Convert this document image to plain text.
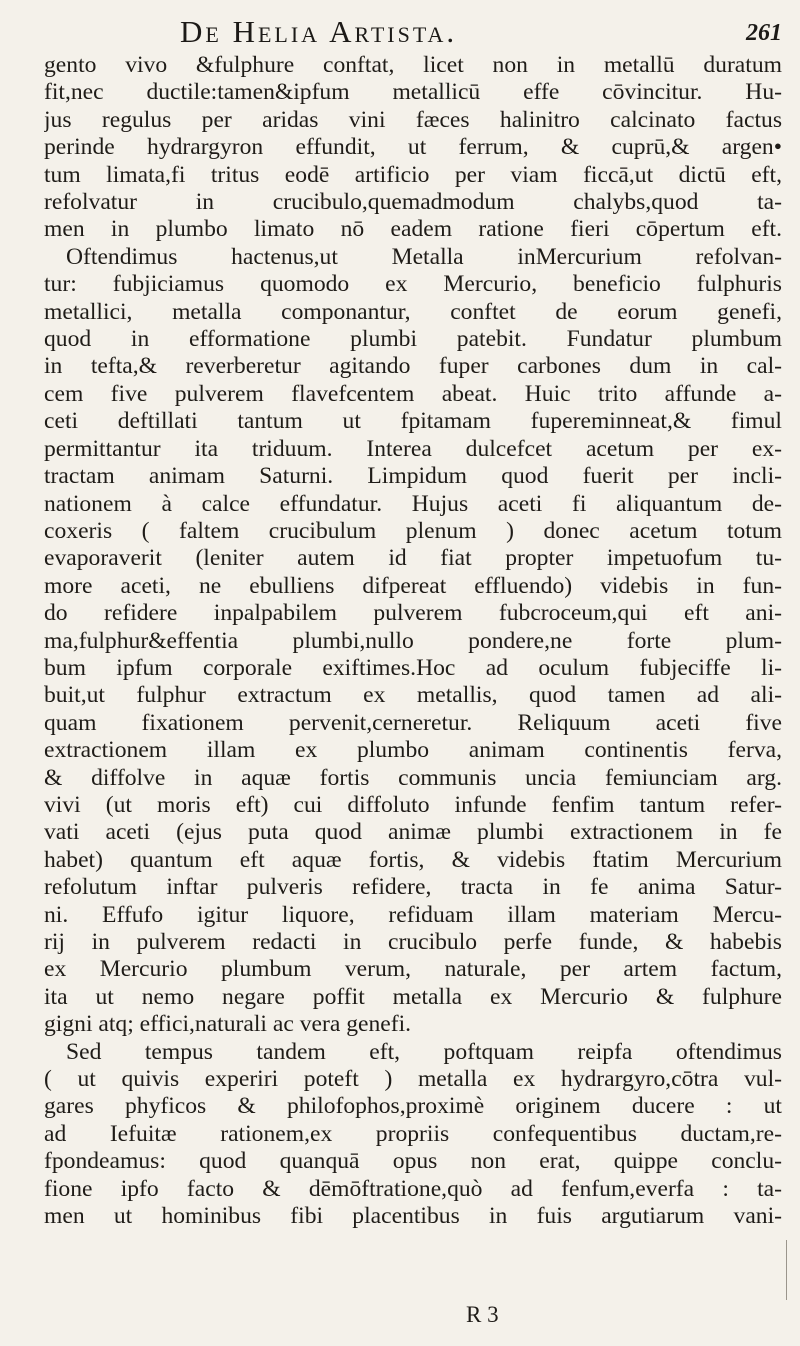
De Helia Artista.	261
gento vivo &fulphure conftat, licet non in metallū duratum
fit,nec ductile:tamen&ipfum metallicū effe cōvincitur. Hu-
jus regulus per aridas vini fæces halinitro calcinato factus
perinde hydrargyron effundit, ut ferrum, & cuprū,& argen•
tum limata,fi tritus eodē artificio per viam ficcā,ut dictū eft,
refolvatur in crucibulo,quemadmodum chalybs,quod ta-
men in plumbo limato nō eadem ratione fieri cōpertum eft.
Oftendimus hactenus,ut Metalla inMercurium refolvan-
tur: fubjiciamus quomodo ex Mercurio, beneficio fulphuris
metallici, metalla componantur, conftet de eorum genefi,
quod in efformatione plumbi patebit. Fundatur plumbum
in tefta,& reverberetur agitando fuper carbones dum in cal-
cem five pulverem flavefcentem abeat. Huic trito affunde a-
ceti deftillati tantum ut fpitamam fupereminneat,& fimul
permittantur ita triduum. Interea dulcefcet acetum per ex-
tractam animam Saturni. Limpidum quod fuerit per incli-
nationem à calce effundatur. Hujus aceti fi aliquantum de-
coxeris ( faltem crucibulum plenum ) donec acetum totum
evaporaverit (leniter autem id fiat propter impetuofum tu-
more aceti, ne ebulliens difpereat effluendo) videbis in fun-
do refidere inpalpabilem pulverem fubcroceum,qui eft ani-
ma,fulphur&effentia plumbi,nullo pondere,ne forte plum-
bum ipfum corporale exiftimes.Hoc ad oculum fubjeciffe li-
buit,ut fulphur extractum ex metallis, quod tamen ad ali-
quam fixationem pervenit,cerneretur. Reliquum aceti five
extractionem illam ex plumbo animam continentis ferva,
& diffolve in aquæ fortis communis uncia femiunciam arg.
vivi (ut moris eft) cui diffoluto infunde fenfim tantum refer-
vati aceti (ejus puta quod animæ plumbi extractionem in fe
habet) quantum eft aquæ fortis, & videbis ftatim Mercurium
refolutum inftar pulveris refidere, tracta in fe anima Satur-
ni. Effufo igitur liquore, refiduam illam materiam Mercu-
rij in pulverem redacti in crucibulo perfe funde, & habebis
ex Mercurio plumbum verum, naturale, per artem factum,
ita ut nemo negare poffit metalla ex Mercurio & fulphure
gigni atq; effici,naturali ac vera genefi.
Sed tempus tandem eft, poftquam reipfa oftendimus
( ut quivis experiri poteft ) metalla ex hydrargyro,cōtra vul-
gares phyficos & philofophos,proximè originem ducere : ut
ad Iefuitæ rationem,ex propriis confequentibus ductam,re-
fpondeamus: quod quanquā opus non erat, quippe conclu-
fione ipfo facto & dēmōftratione,quò ad fenfum,everfa : ta-
men ut hominibus fibi placentibus in fuis argutiarum vani-
R 3
